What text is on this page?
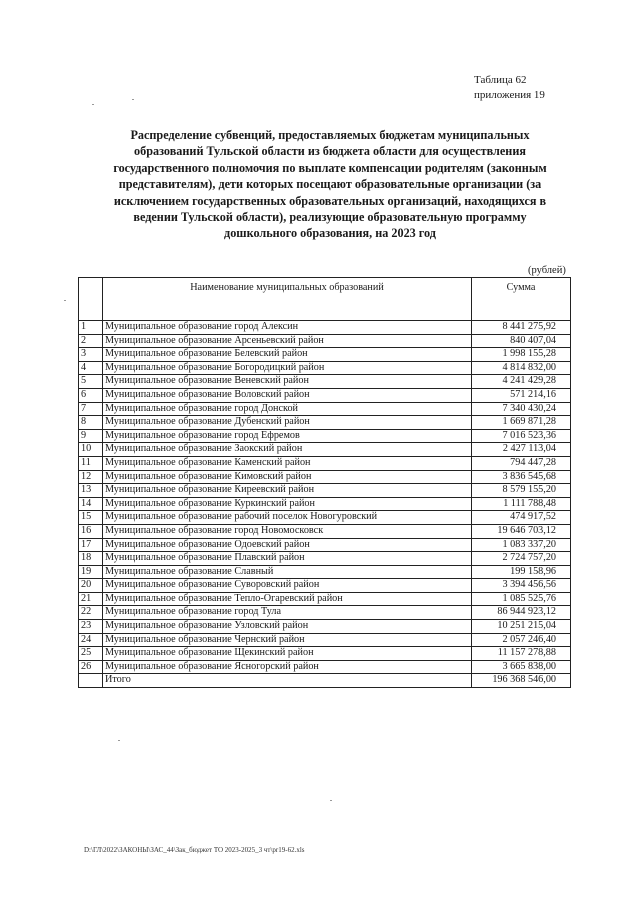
Таблица 62
приложения 19
Распределение субвенций, предоставляемых бюджетам муниципальных образований Тульской области из бюджета области для осуществления государственного полномочия по выплате компенсации родителям (законным представителям), дети которых посещают образовательные организации (за исключением государственных образовательных организаций, находящихся в ведении Тульской области), реализующие образовательную программу дошкольного образования, на 2023 год
(рублей)
	Наименование муниципальных образований	Сумма
1	Муниципальное образование город Алексин	8 441 275,92
2	Муниципальное образование Арсеньевский район	840 407,04
3	Муниципальное образование Белевский район	1 998 155,28
4	Муниципальное образование Богородицкий район	4 814 832,00
5	Муниципальное образование Веневский район	4 241 429,28
6	Муниципальное образование Воловский район	571 214,16
7	Муниципальное образование город Донской	7 340 430,24
8	Муниципальное образование Дубенский район	1 669 871,28
9	Муниципальное образование город Ефремов	7 016 523,36
10	Муниципальное образование Заокский район	2 427 113,04
11	Муниципальное образование Каменский район	794 447,28
12	Муниципальное образование Кимовский район	3 836 545,68
13	Муниципальное образование Киреевский район	8 579 155,20
14	Муниципальное образование Куркинский район	1 111 788,48
15	Муниципальное образование рабочий поселок Новогуровский	474 917,52
16	Муниципальное образование город Новомосковск	19 646 703,12
17	Муниципальное образование Одоевский район	1 083 337,20
18	Муниципальное образование Плавский район	2 724 757,20
19	Муниципальное образование Славный	199 158,96
20	Муниципальное образование Суворовский район	3 394 456,56
21	Муниципальное образование Тепло-Огаревский район	1 085 525,76
22	Муниципальное образование город Тула	86 944 923,12
23	Муниципальное образование Узловский район	10 251 215,04
24	Муниципальное образование Чернский район	2 057 246,40
25	Муниципальное образование Щекинский район	11 157 278,88
26	Муниципальное образование Ясногорский район	3 665 838,00
	Итого	196 368 546,00
D:\ГЛ\2022\ЗАКОНЫ\ЗАС_44\Зак_бюджет ТО 2023-2025_3 чт\pr19-62.xls
